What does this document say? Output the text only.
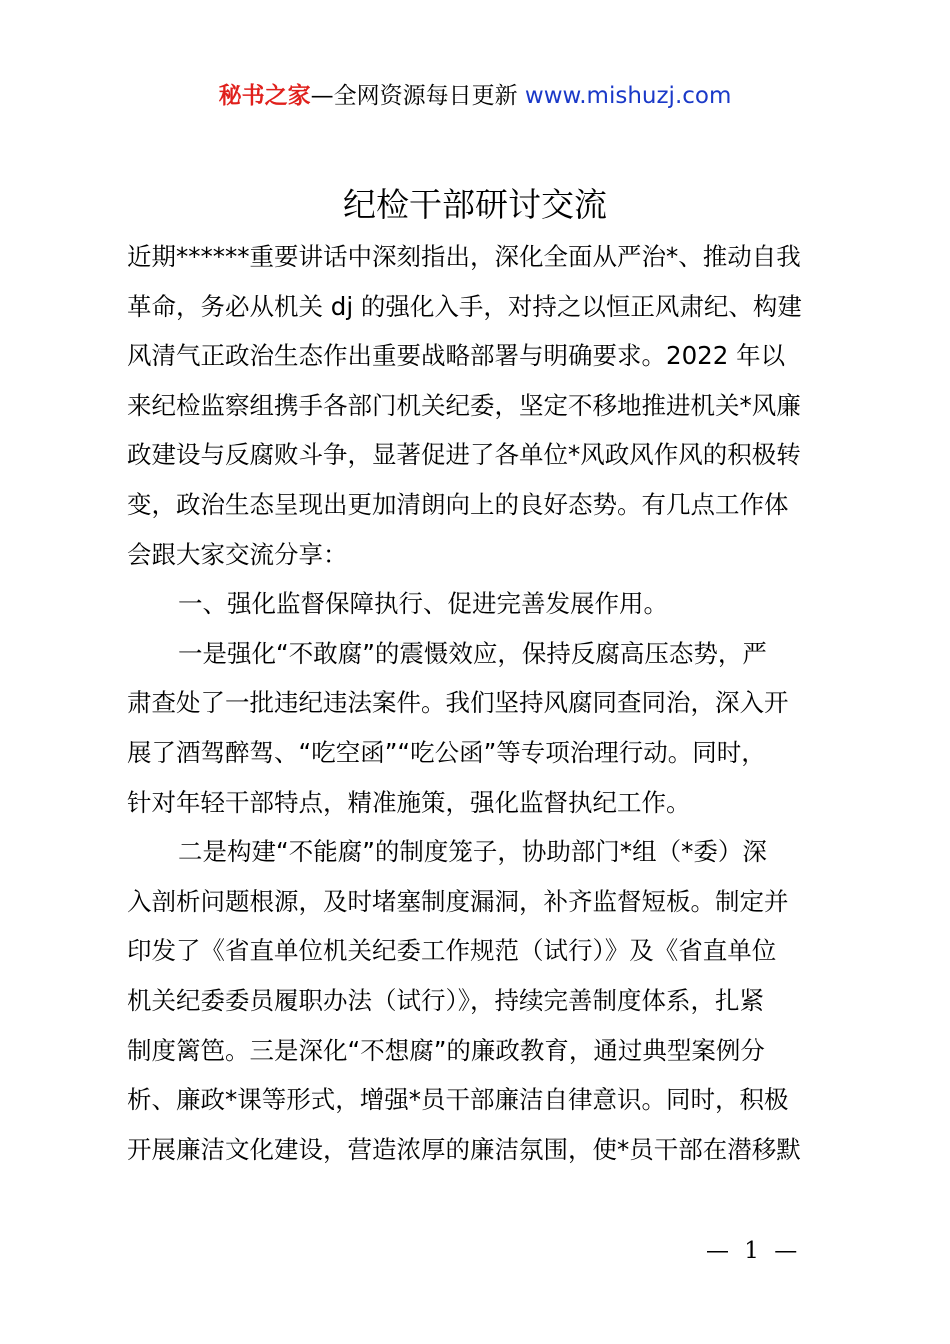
秘书之家—全网资源每日更新 www.mishuzj.com
纪检干部研讨交流
近期******重要讲话中深刻指出，深化全面从严治*、推动自我
革命，务必从机关 dj 的强化入手，对持之以恒正风肃纪、构建
风清气正政治生态作出重要战略部署与明确要求。2022 年以
来纪检监察组携手各部门机关纪委，坚定不移地推进机关*风廉
政建设与反腐败斗争，显著促进了各单位*风政风作风的积极转
变，政治生态呈现出更加清朗向上的良好态势。有几点工作体
会跟大家交流分享：
一、强化监督保障执行、促进完善发展作用。
一是强化“不敢腐”的震慑效应，保持反腐高压态势，严
肃查处了一批违纪违法案件。我们坚持风腐同查同治，深入开
展了酒驾醉驾、“吃空函”“吃公函”等专项治理行动。同时，
针对年轻干部特点，精准施策，强化监督执纪工作。
二是构建“不能腐”的制度笼子，协助部门*组（*委）深
入剖析问题根源，及时堵塞制度漏洞，补齐监督短板。制定并
印发了《省直单位机关纪委工作规范（试行）》及《省直单位
机关纪委委员履职办法（试行）》，持续完善制度体系，扎紧
制度篱笆。三是深化“不想腐”的廉政教育，通过典型案例分
析、廉政*课等形式，增强*员干部廉洁自律意识。同时，积极
开展廉洁文化建设，营造浓厚的廉洁氛围，使*员干部在潜移默
— 1 —
